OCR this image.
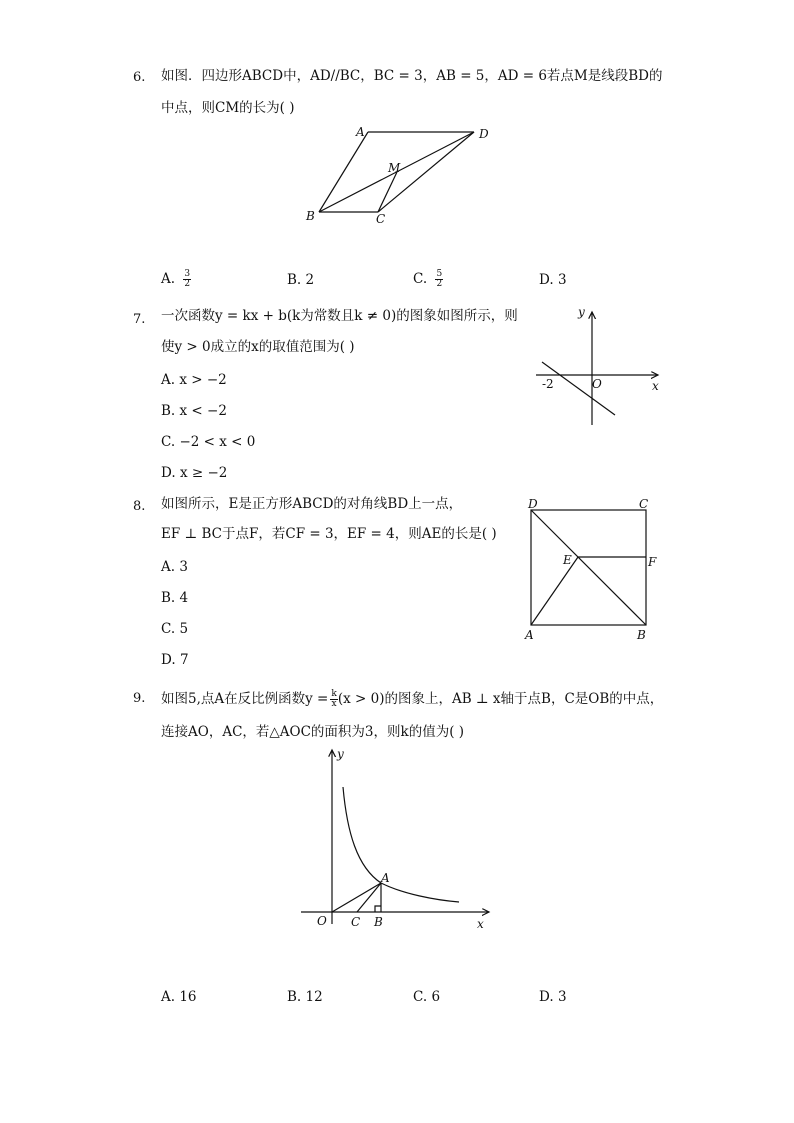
6. 如图．四边形ABCD中，AD//BC，BC = 3，AB = 5，AD = 6若点M是线段BD的
中点，则CM的长为( )
A	D
M
B	C
A. $\frac{3}{2}$	B. 2	C. $\frac{5}{2}$	D. 3
7. 一次函数y = kx + b(k为常数且k ≠ 0)的图象如图所示，则
使y > 0成立的x的取值范围为( )
A. x > −2
B. x < −2
C. −2 < x < 0
D. x ≥ −2
y
x
O
-2
8. 如图所示，E是正方形ABCD的对角线BD上一点，
EF ⊥ BC于点F，若CF = 3，EF = 4，则AE的长是( )
A. 3
B. 4
C. 5
D. 7
D	C
E	F
A	B
9. 如图5,点A在反比例函数$y = \frac{k}{x} (x > 0)$的图象上，AB ⊥ x轴于点B，C是OB的中点，
连接AO，AC，若△AOC的面积为3，则k的值为( )
y
x
O
A
C B
A. 16	B. 12	C. 6	D. 3
